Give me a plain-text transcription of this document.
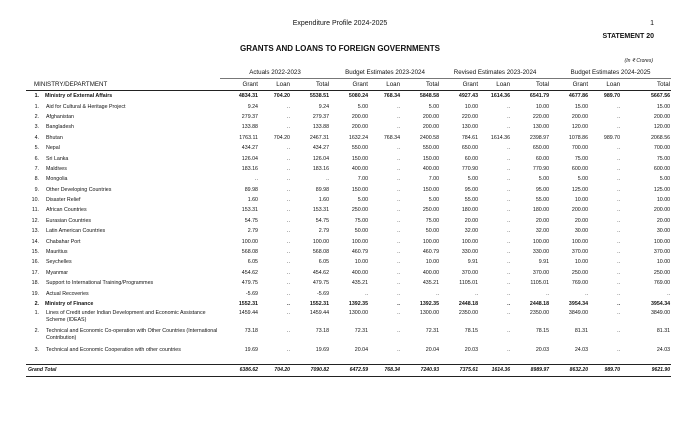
Expenditure Profile 2024-2025	1
STATEMENT 20
GRANTS AND LOANS TO FOREIGN GOVERNMENTS
(In ₹ Crores)
		Actuals 2022-2023			Budget Estimates 2023-2024			Revised Estimates 2023-2024			Budget Estimates 2024-2025		
MINISTRY/DEPARTMENT		Grant	Loan	Total	Grant	Loan	Total	Grant	Loan	Total	Grant	Loan	Total
1.	Ministry of External Affairs	4834.31	704.20	5538.51	5080.24	768.34	5848.58	4927.43	1614.36	6541.79	4677.86	989.70	5667.56
1.	Aid for Cultural & Heritage Project	9.24	..	9.24	5.00	..	5.00	10.00	..	10.00	15.00	..	15.00
2.	Afghanistan	279.37	..	279.37	200.00	..	200.00	220.00	..	220.00	200.00	..	200.00
3.	Bangladesh	133.88	..	133.88	200.00	..	200.00	130.00	..	130.00	120.00	..	120.00
4.	Bhutan	1763.11	704.20	2467.31	1632.24	768.34	2400.58	784.61	1614.36	2398.97	1078.86	989.70	2068.56
5.	Nepal	434.27	..	434.27	550.00	..	550.00	650.00	..	650.00	700.00	..	700.00
6.	Sri Lanka	126.04	..	126.04	150.00	..	150.00	60.00	..	60.00	75.00	..	75.00
7.	Maldives	183.16	..	183.16	400.00	..	400.00	770.90	..	770.90	600.00	..	600.00
8.	Mongolia	..	..	..	7.00	..	7.00	5.00	..	5.00	5.00	..	5.00
9.	Other Developing Countries	89.98	..	89.98	150.00	..	150.00	95.00	..	95.00	125.00	..	125.00
10.	Disaster Relief	1.60	..	1.60	5.00	..	5.00	55.00	..	55.00	10.00	..	10.00
11.	African Countries	153.31	..	153.31	250.00	..	250.00	180.00	..	180.00	200.00	..	200.00
12.	Eurasian Countries	54.75	..	54.75	75.00	..	75.00	20.00	..	20.00	20.00	..	20.00
13.	Latin American Countries	2.79	..	2.79	50.00	..	50.00	32.00	..	32.00	30.00	..	30.00
14.	Chabahar Port	100.00	..	100.00	100.00	..	100.00	100.00	..	100.00	100.00	..	100.00
15.	Mauritius	568.08	..	568.08	460.79	..	460.79	330.00	..	330.00	370.00	..	370.00
16.	Seychelles	6.05	..	6.05	10.00	..	10.00	9.91	..	9.91	10.00	..	10.00
17.	Myanmar	454.62	..	454.62	400.00	..	400.00	370.00	..	370.00	250.00	..	250.00
18.	Support to International Training/Programmes	479.75	..	479.75	435.21	..	435.21	1105.01	..	1105.01	769.00	..	769.00
19.	Actual Recoveries	-5.69	..	-5.69	..	..	..	..	..	..	..	..	..
2.	Ministry of Finance	1552.31	..	1552.31	1392.35	..	1392.35	2448.18	..	2448.18	3954.34	..	3954.34
1.	Lines of Credit under Indian Development and Economic Assistance Scheme (IDEAS)	1459.44	..	1459.44	1300.00	..	1300.00	2350.00	..	2350.00	3849.00	..	3849.00
2.	Technical and Economic Co-operation with Other Countries (International Contribution)	73.18	..	73.18	72.31	..	72.31	78.15	..	78.15	81.31	..	81.31
3.	Technical and Economic Cooperation with other countries	19.69	..	19.69	20.04	..	20.04	20.03	..	20.03	24.03	..	24.03
Grand Total		6386.62	704.20	7090.82	6472.59	768.34	7240.93	7375.61	1614.36	8989.97	8632.20	989.70	9621.90
